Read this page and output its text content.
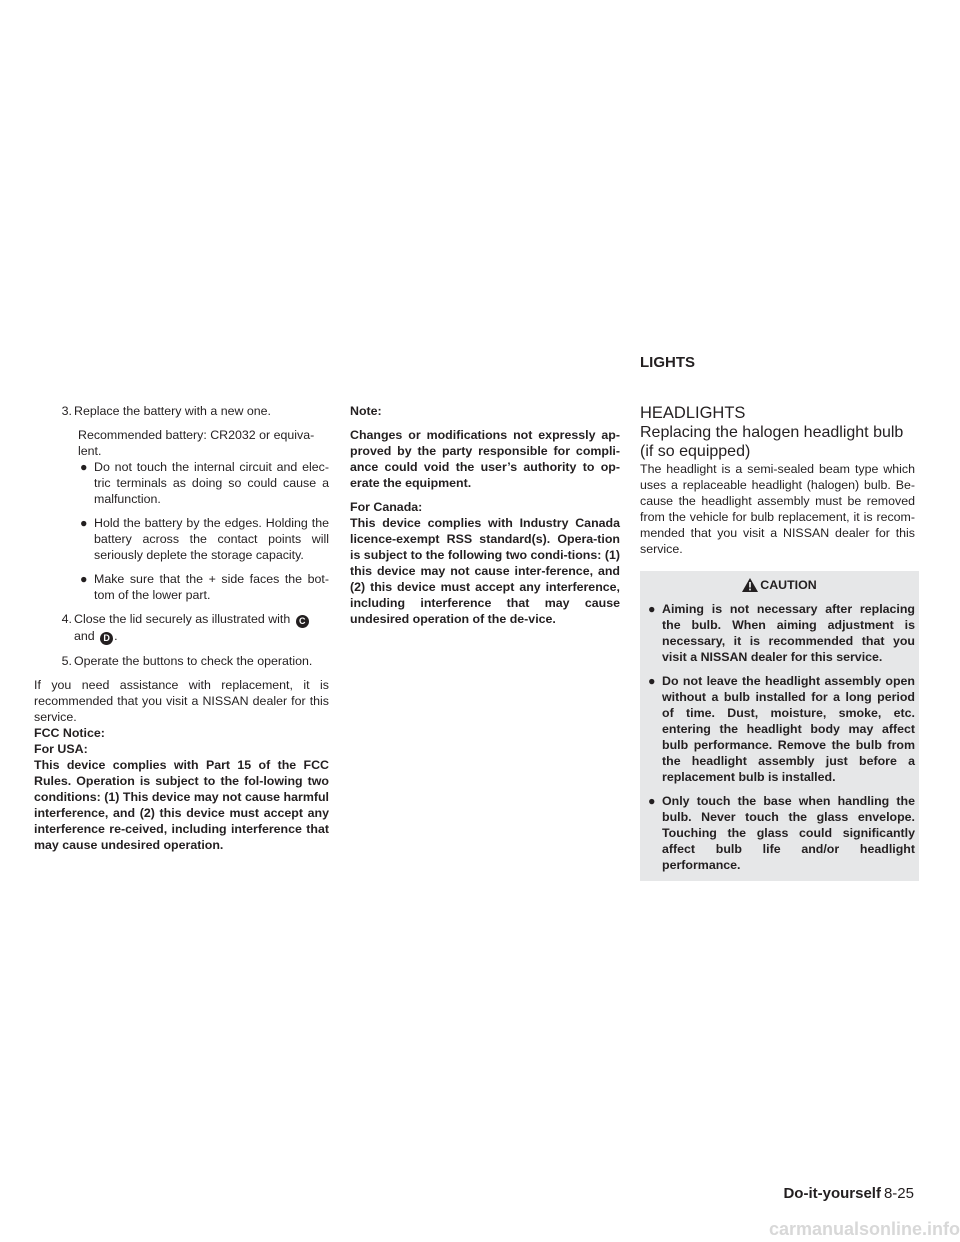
3. Replace the battery with a new one.

Recommended battery: CR2032 or equiva-lent.

● Do not touch the internal circuit and elec-tric terminals as doing so could cause a malfunction.
● Hold the battery by the edges. Holding the battery across the contact points will seriously deplete the storage capacity.
● Make sure that the + side faces the bot-tom of the lower part.
4. Close the lid securely as illustrated with C
and D .
5. Operate the buttons to check the operation.

If you need assistance with replacement, it is recommended that you visit a NISSAN dealer for this service.

FCC Notice:

For USA:

This device complies with Part 15 of the FCC Rules. Operation is subject to the fol-lowing two conditions: (1) This device may not cause harmful interference, and (2) this device must accept any interference re-ceived, including interference that may cause undesired operation.

Note:

Changes or modifications not expressly ap-proved by the party responsible for compli-ance could void the user’s authority to op-erate the equipment.

For Canada:

This device complies with Industry Canada licence-exempt RSS standard(s). Opera-tion is subject to the following two condi-tions: (1) this device may not cause inter-ference, and (2) this device must accept any interference, including interference that may cause undesired operation of the de-vice.

LIGHTS

HEADLIGHTS

Replacing the halogen headlight bulb (if so equipped)

The headlight is a semi-sealed beam type which uses a replaceable headlight (halogen) bulb. Be-cause the headlight assembly must be removed from the vehicle for bulb replacement, it is recom-mended that you visit a NISSAN dealer for this service.

CAUTION
● Aiming is not necessary after replacing the bulb. When aiming adjustment is necessary, it is recommended that you visit a NISSAN dealer for this service.
● Do not leave the headlight assembly open without a bulb installed for a long period of time. Dust, moisture, smoke, etc. entering the headlight body may affect bulb performance. Remove the bulb from the headlight assembly just before a replacement bulb is installed.
● Only touch the base when handling the bulb. Never touch the glass envelope. Touching the glass could significantly affect bulb life and/or headlight performance.
Do-it-yourself 8-25
carmanualsonline.info
